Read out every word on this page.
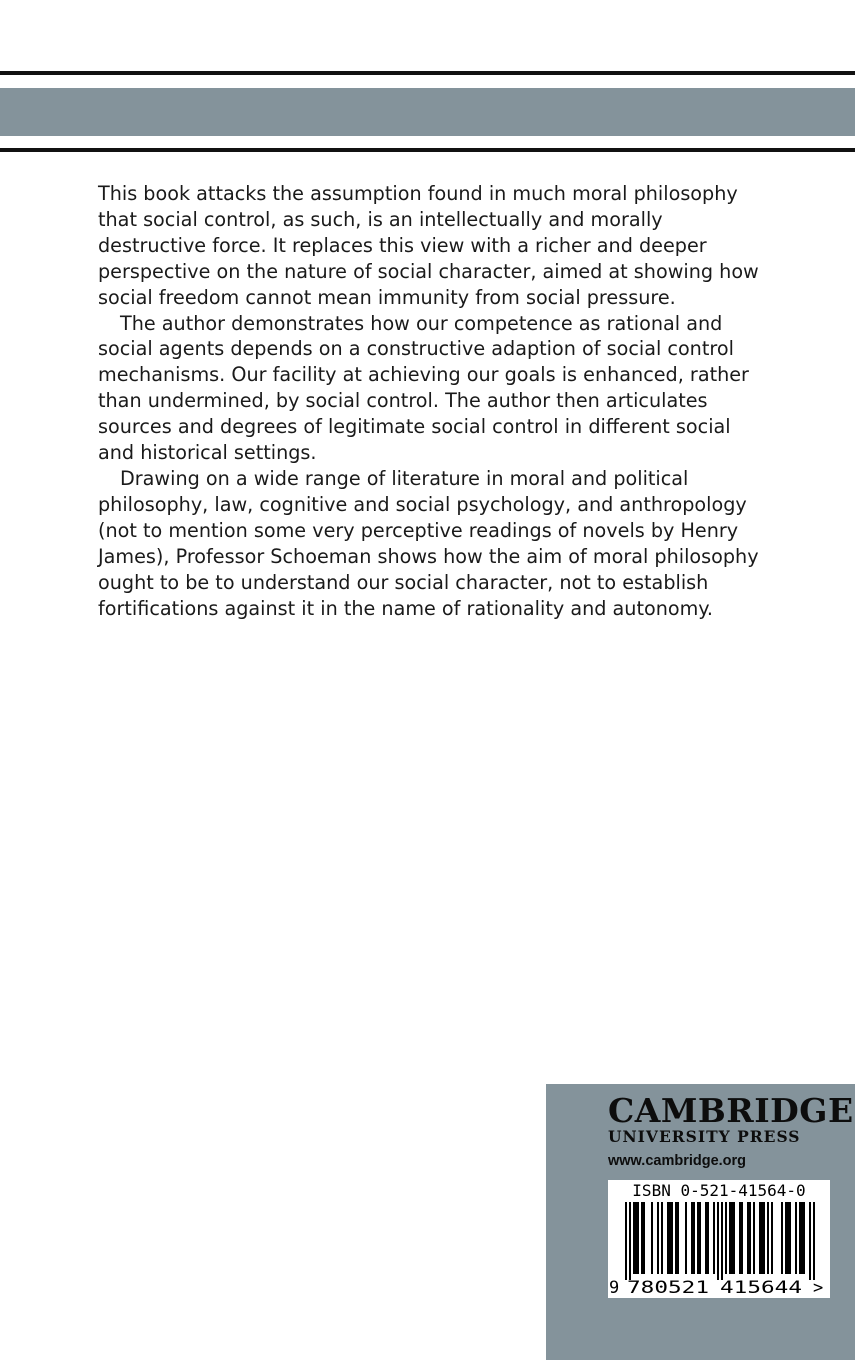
This book attacks the assumption found in much moral philosophy that social control, as such, is an intellectually and morally destructive force. It replaces this view with a richer and deeper perspective on the nature of social character, aimed at showing how social freedom cannot mean immunity from social pressure.

The author demonstrates how our competence as rational and social agents depends on a constructive adaption of social control mechanisms. Our facility at achieving our goals is enhanced, rather than undermined, by social control. The author then articulates sources and degrees of legitimate social control in different social and historical settings.

Drawing on a wide range of literature in moral and political philosophy, law, cognitive and social psychology, and anthropology (not to mention some very perceptive readings of novels by Henry James), Professor Schoeman shows how the aim of moral philosophy ought to be to understand our social character, not to establish fortifications against it in the name of rationality and autonomy.

CAMBRIDGE
UNIVERSITY PRESS
www.cambridge.org
9 780521 415644 >
ISBN 0-521-41564-0
